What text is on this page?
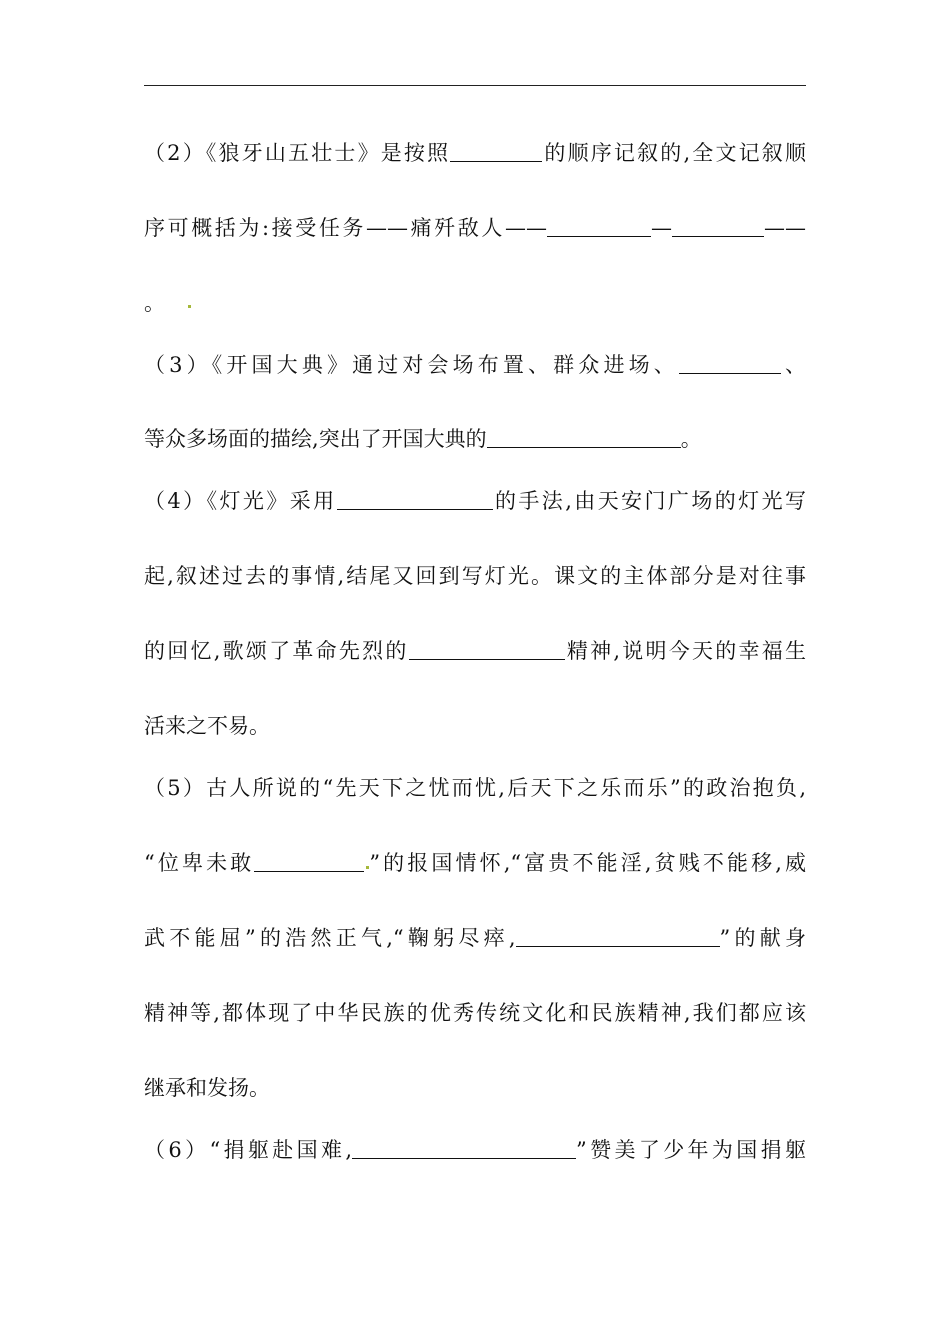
（2）《狼牙山五壮士》是按照	的顺序记叙的,全文记叙顺
序可概括为:接受任务——痛歼敌人——	—	——
。
（3）《开国大典》通过对会场布置、群众进场、	、
等众多场面的描绘,突出了开国大典的	。
（4）《灯光》采用	的手法,由天安门广场的灯光写
起,叙述过去的事情,结尾又回到写灯光。课文的主体部分是对往事
的回忆,歌颂了革命先烈的	精神,说明今天的幸福生
活来之不易。
（5）古人所说的“先天下之忧而忧,后天下之乐而乐”的政治抱负,
“位卑未敢	”的报国情怀,“富贵不能淫,贫贱不能移,威
武不能屈”的浩然正气,“鞠躬尽瘁,	”的献身
精神等,都体现了中华民族的优秀传统文化和民族精神,我们都应该
继承和发扬。
（6）“捐躯赴国难,	”赞美了少年为国捐躯
